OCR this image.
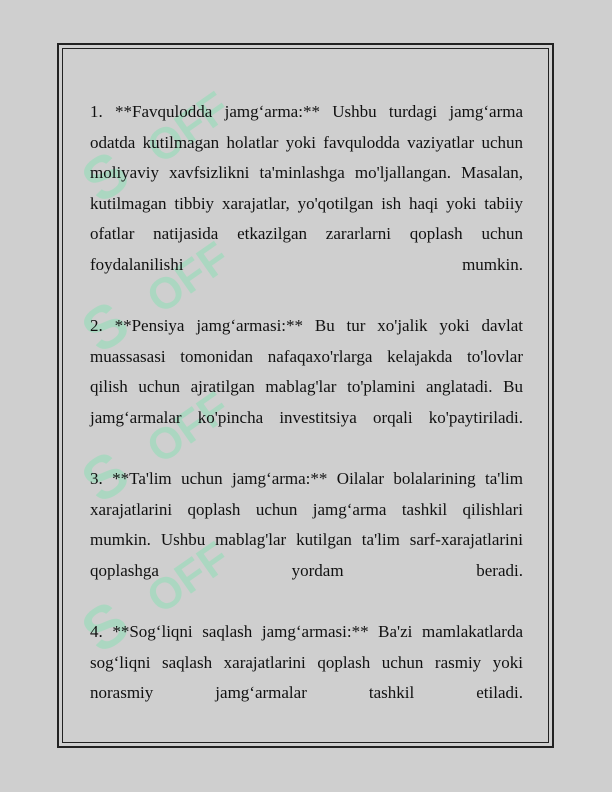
S
S
S
S
OFF
OFF
OFF
OFF

1. **Favqulodda jamg‘arma:** Ushbu turdagi jamg‘arma odatda kutilmagan holatlar yoki favqulodda vaziyatlar uchun moliyaviy xavfsizlikni ta'minlashga mo'ljallangan. Masalan, kutilmagan tibbiy xarajatlar, yo'qotilgan ish haqi yoki tabiiy ofatlar natijasida etkazilgan zararlarni qoplash uchun foydalanilishi mumkin.

2. **Pensiya jamg‘armasi:** Bu tur xo'jalik yoki davlat muassasasi tomonidan nafaqaxo'rlarga kelajakda to'lovlar qilish uchun ajratilgan mablag'lar to'plamini anglatadi. Bu jamg‘armalar ko'pincha investitsiya orqali ko'paytiriladi.

3. **Ta'lim uchun jamg‘arma:** Oilalar bolalarining ta'lim xarajatlarini qoplash uchun jamg‘arma tashkil qilishlari mumkin. Ushbu mablag'lar kutilgan ta'lim sarf-xarajatlarini qoplashga yordam beradi.

4. **Sog‘liqni saqlash jamg‘armasi:** Ba'zi mamlakatlarda sog‘liqni saqlash xarajatlarini qoplash uchun rasmiy yoki norasmiy jamg‘armalar tashkil etiladi.
